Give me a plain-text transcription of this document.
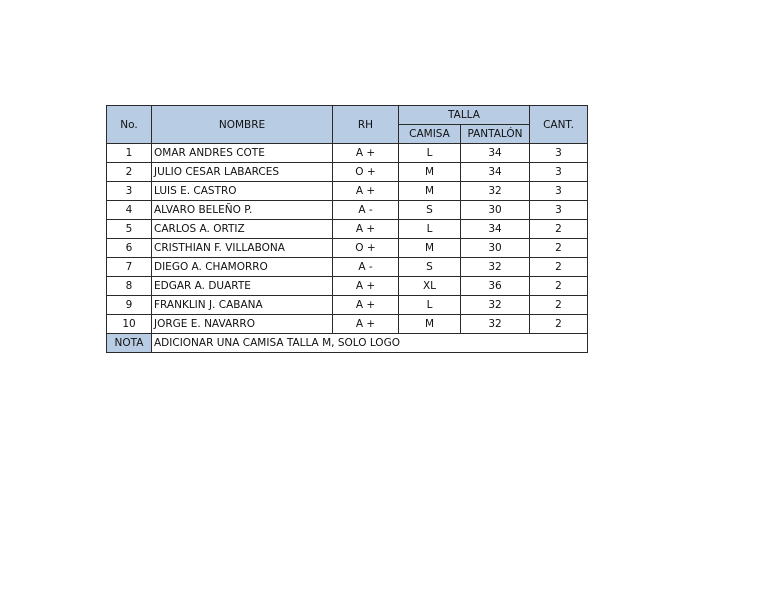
No.	NOMBRE	RH	TALLA		CANT.
			CAMISA	PANTALÓN	
1	OMAR ANDRES COTE	A +	L	34	3
2	JULIO CESAR LABARCES	O +	M	34	3
3	LUIS E. CASTRO	A +	M	32	3
4	ALVARO BELEÑO P.	A -	S	30	3
5	CARLOS A. ORTIZ	A +	L	34	2
6	CRISTHIAN F. VILLABONA	O +	M	30	2
7	DIEGO A. CHAMORRO	A -	S	32	2
8	EDGAR A. DUARTE	A +	XL	36	2
9	FRANKLIN J. CABANA	A +	L	32	2
10	JORGE E. NAVARRO	A +	M	32	2
NOTA	ADICIONAR UNA CAMISA TALLA M, SOLO LOGO				
